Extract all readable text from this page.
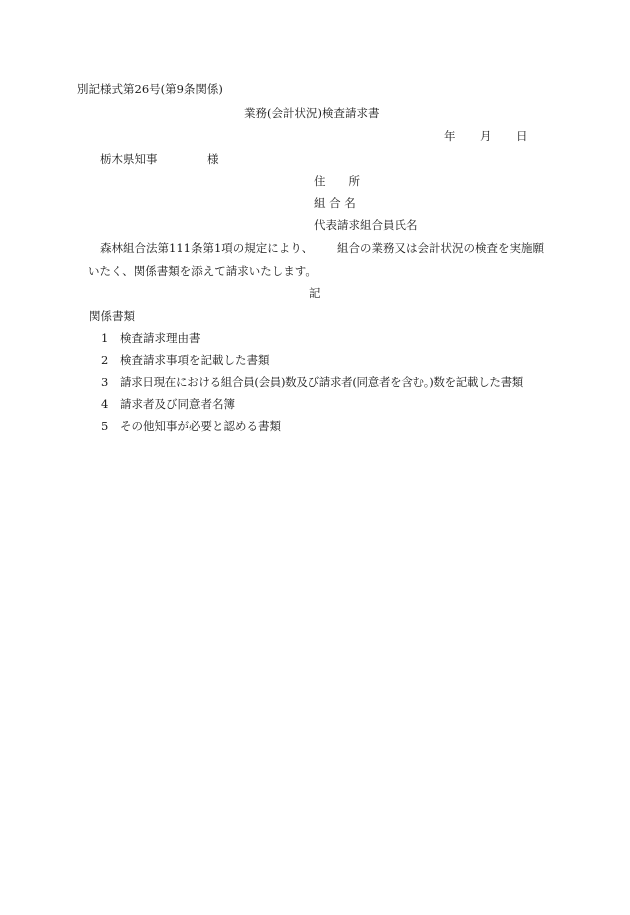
別記様式第26号(第9条関係)
業務(会計状況)検査請求書
年 月 日
栃木県知事	様
住　　所
組 合 名
代表請求組合員氏名
森林組合法第111条第1項の規定により、 組合の業務又は会計状況の検査を実施願
いたく、関係書類を添えて請求いたします。
記
関係書類
1 検査請求理由書
2 検査請求事項を記載した書類
3 請求日現在における組合員(会員)数及び請求者(同意者を含む。)数を記載した書類
4 請求者及び同意者名簿
5 その他知事が必要と認める書類
